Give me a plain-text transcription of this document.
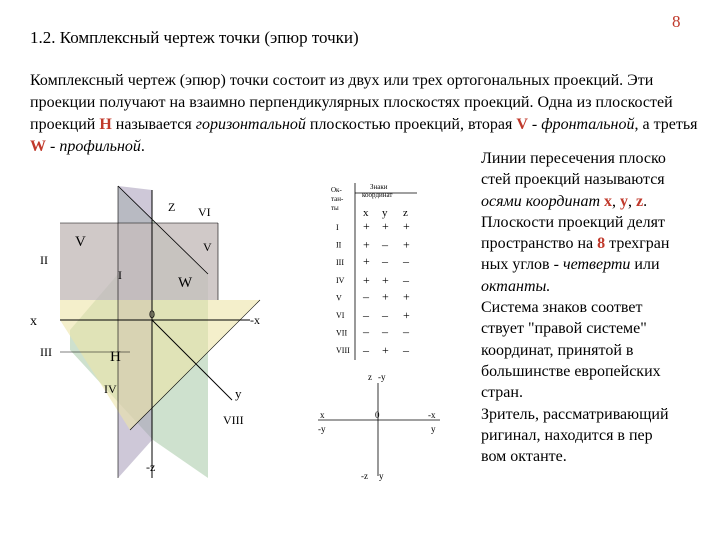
8
1.2. Комплексный чертеж точки (эпюр точки)
Комплексный чертеж (эпюр) точки состоит из двух или трех ортогональных проекций. Эти проекции получают на взаимно перпендикулярных плоскостях проекций. Одна из плоскостей проекций H называется горизонтальной плоскостью проекций, вторая V - фронтальной, а третья W - профильной.
Линии пересечения плоско
стей проекций называются
осями координат x, y, z.
Плоскости проекций делят
пространство на 8 трехгран
ных углов - четверти или
октанты.
Система знаков соответ
ствует "правой системе"
координат, принятой в
большинстве европейских
стран.
Зритель, рассматривающий
ригинал, находится в пер
вом октанте.
Z VI
V	V
II
I	W
x	0	-x
III	H
IV	y
VIII
-z
Ок-
тан-
ты
Знаки
координат
x y z
I + + +
II + – +
III + – –
IV + + –
V – + +
VI – – +
VII – – –
VIII – + –
z -y
x
-y
0	-x
y
-z y
